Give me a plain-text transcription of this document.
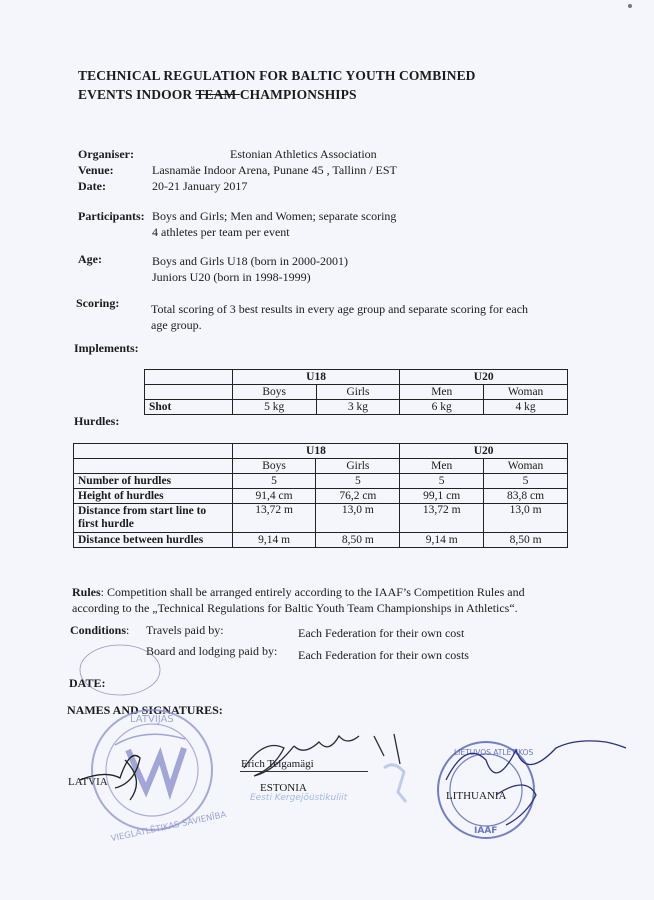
TECHNICAL REGULATION FOR BALTIC YOUTH COMBINED
EVENTS INDOOR TEAM CHAMPIONSHIPS
Organiser:	Estonian Athletics Association
Venue:	Lasnamäe Indoor Arena, Punane 45 , Tallinn / EST
Date:	20-21 January 2017
Participants: Boys and Girls; Men and Women; separate scoring
4 athletes per team per event
Age:	Boys and Girls U18 (born in 2000-2001)
Juniors U20 (born in 1998-1999)
Scoring:	Total scoring of 3 best results in every age group and separate scoring for each
age group.
Implements:
	U18		U20	
	Boys	Girls	Men	Woman
Shot	5 kg	3 kg	6 kg	4 kg
Hurdles:
	U18		U20	
	Boys	Girls	Men	Woman
Number of hurdles	5	5	5	5
Height of hurdles	91,4 cm	76,2 cm	99,1 cm	83,8 cm
Distance from start line to first hurdle	13,72 m	13,0 m	13,72 m	13,0 m
Distance between hurdles	9,14 m	8,50 m	9,14 m	8,50 m
Rules: Competition shall be arranged entirely according to the IAAF’s Competition Rules and
according to the „Technical Regulations for Baltic Youth Team Championships in Athletics“.
Conditions: Travels paid by:	Each Federation for their own cost
Board and lodging paid by: Each Federation for their own costs
DATE:
NAMES AND SIGNATURES:
LATVIJAS
VIEGLATLĒTIKAS SAVIENĪBA
LATVIA
Eesti Kergejõustikuliit
Erich Teigamägi
ESTONIA
LIETUVOS ATLETIKOS
IAAF
LITHUANIA
